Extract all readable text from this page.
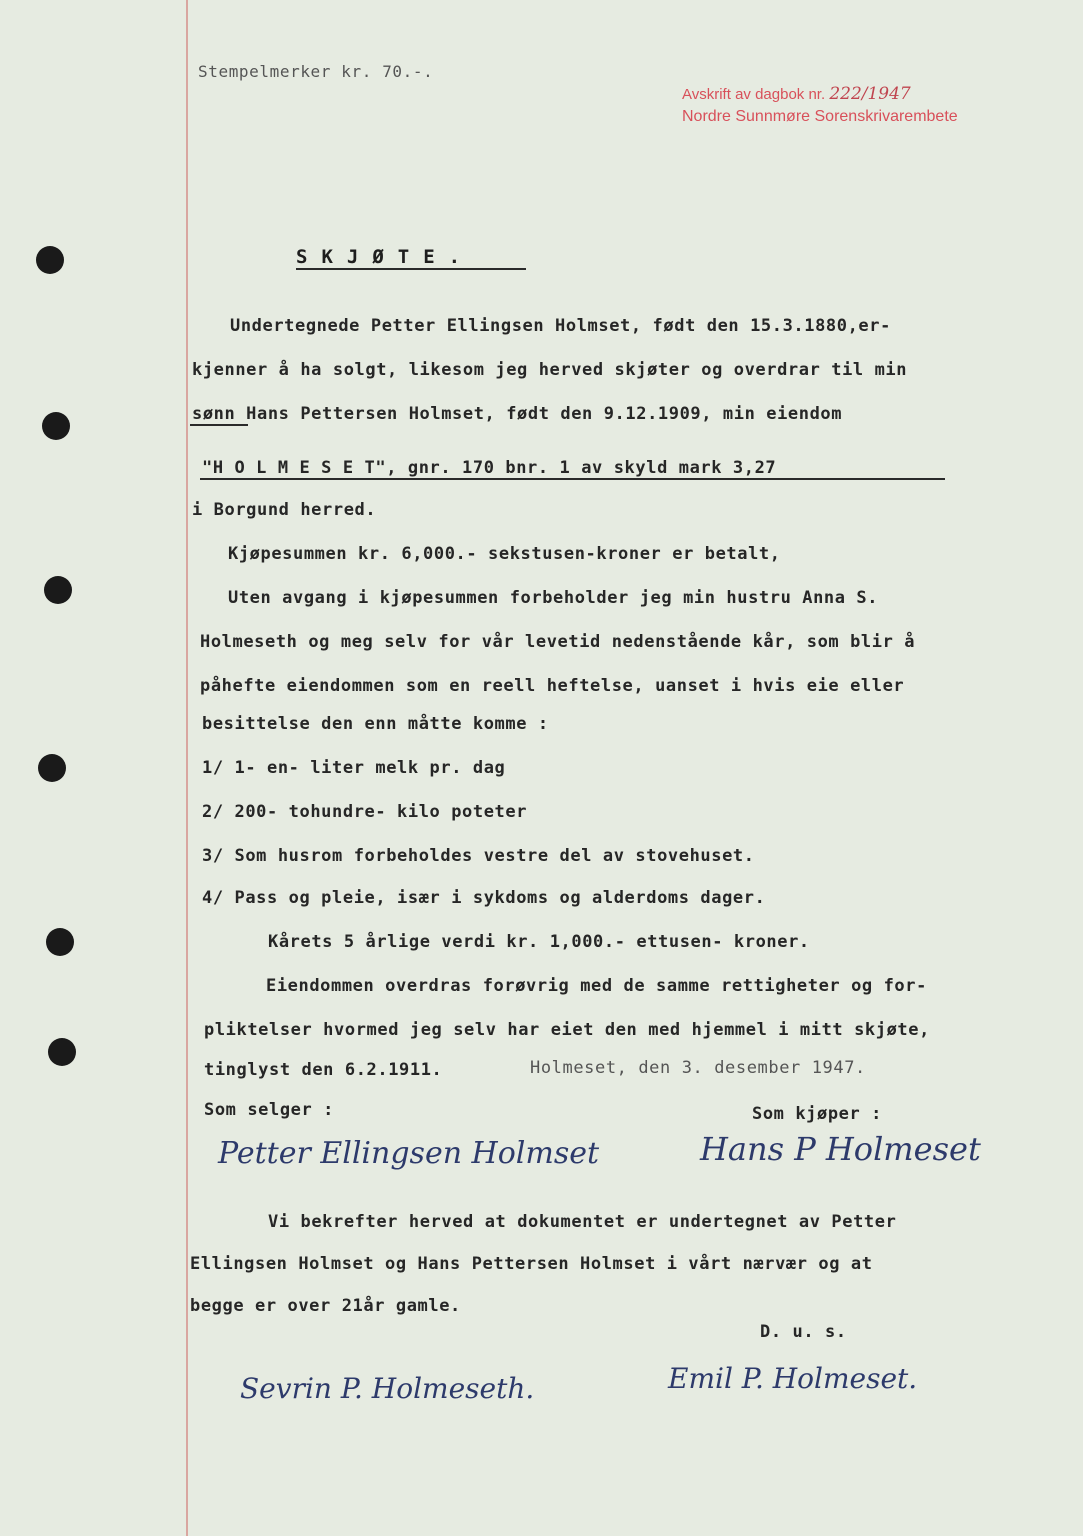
Stempelmerker kr. 70.-.
Avskrift av dagbok nr. 222/1947
Nordre Sunnmøre Sorenskrivarembete
SKJØTE.
Undertegnede Petter Ellingsen Holmset, født den 15.3.1880,er-
kjenner å ha solgt, likesom jeg herved skjøter og overdrar til min
sønn Hans Pettersen Holmset, født den 9.12.1909, min eiendom
"H O L M E S E T", gnr. 170 bnr. 1 av skyld mark 3,27
i Borgund herred.
Kjøpesummen kr. 6,000.- sekstusen-kroner er betalt,
Uten avgang i kjøpesummen forbeholder jeg min hustru Anna S.
Holmeseth og meg selv for vår levetid nedenstående kår, som blir å
påhefte eiendommen som en reell heftelse, uanset i hvis eie eller
besittelse den enn måtte komme :
1/ 1- en- liter melk pr. dag
2/ 200- tohundre- kilo poteter
3/ Som husrom forbeholdes vestre del av stovehuset.
4/ Pass og pleie, især i sykdoms og alderdoms dager.
Kårets 5 årlige verdi kr. 1,000.- ettusen- kroner.
Eiendommen overdras forøvrig med de samme rettigheter og for-
pliktelser hvormed jeg selv har eiet den med hjemmel i mitt skjøte,
tinglyst den 6.2.1911.	Holmeset, den 3. desember 1947.
Som selger :	Som kjøper :
Petter Ellingsen Holmset	Hans P Holmeset
Vi bekrefter herved at dokumentet er undertegnet av Petter
Ellingsen Holmset og Hans Pettersen Holmset i vårt nærvær og at
begge er over 21år gamle.
D. u. s.
Sevrin P. Holmeseth.	Emil P. Holmeset.
